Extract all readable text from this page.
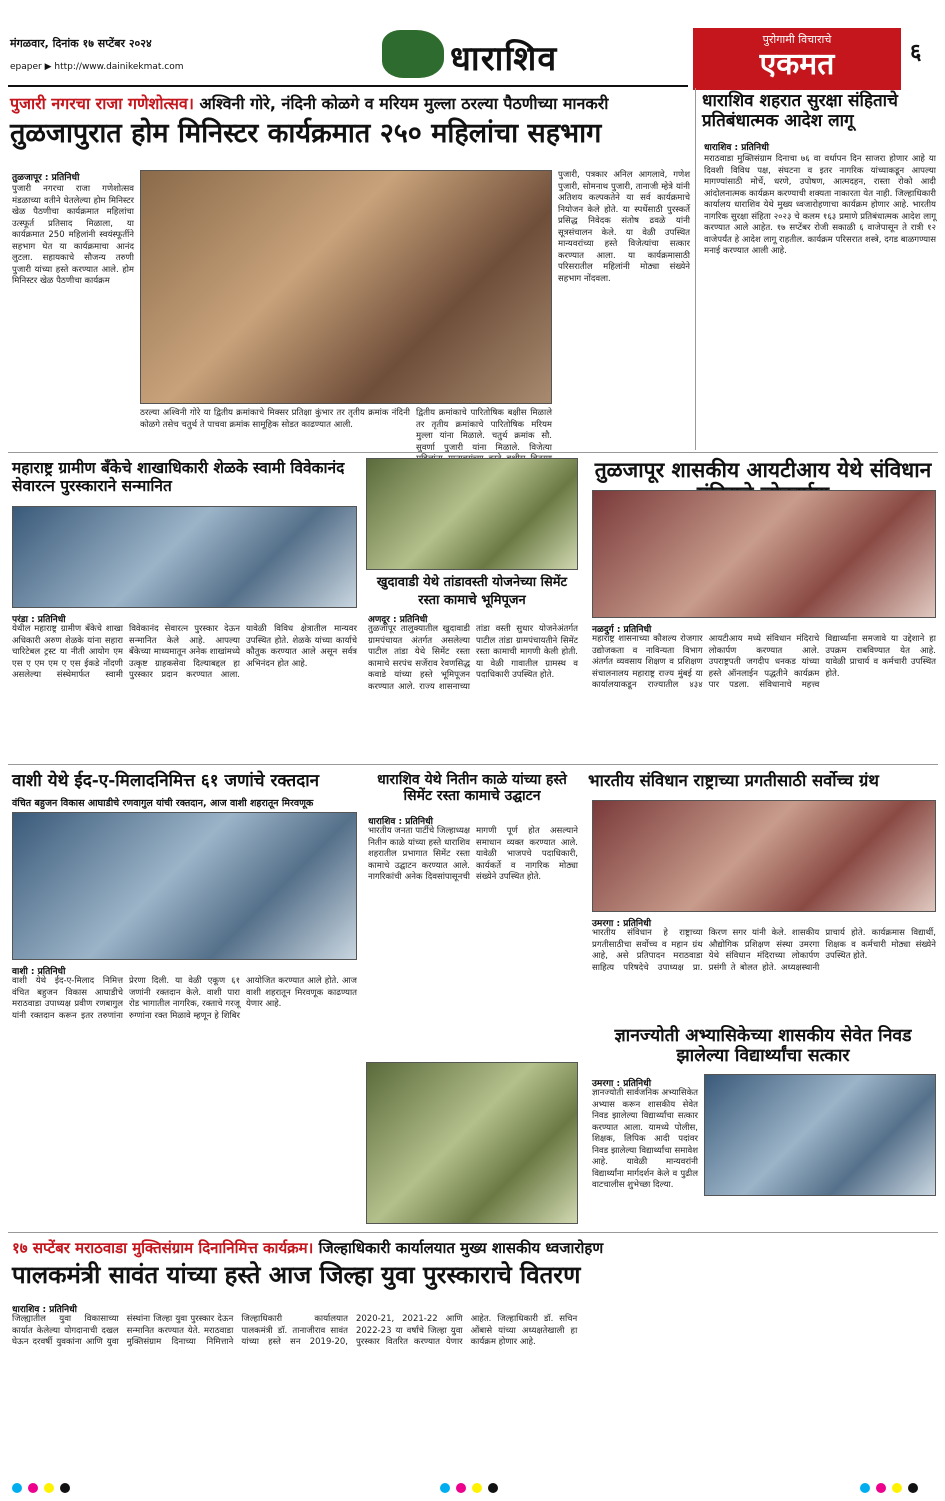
मंगळवार, दिनांक १७ सप्टेंबर २०२४
epaper ▶ http://www.dainikekmat.com	धाराशिव	पुरोगामी विचाराचे
एकमत	६
पुजारी नगरचा राजा गणेशोत्सव। अश्विनी गोरे, नंदिनी कोळगे व मरियम मुल्ला ठरल्या पैठणीच्या मानकरी
तुळजापुरात होम मिनिस्टर कार्यक्रमात २५० महिलांचा सहभाग
तुळजापूर : प्रतिनिधी
पुजारी नगरचा राजा गणेशोत्सव मंडळाच्या वतीने घेतलेल्या होम मिनिस्टर खेळ पैठणीचा कार्यक्रमात महिलांचा उत्स्फूर्त प्रतिसाद मिळाला, या कार्यक्रमात 250 महिलांनी स्वयंस्फूर्तीने सहभाग घेत या कार्यक्रमाचा आनंद लुटला. सहायकाचे सौजन्य तरुणी पुजारी यांच्या हस्ते करण्यात आले. होम मिनिस्टर खेळ पैठणीचा कार्यक्रम
ठरल्या अश्विनी गोरे या द्वितीय क्रमांकाचे मिक्सर प्रतिक्षा कुंभार तर तृतीय क्रमांक नंदिनी कोळगे तसेच चतुर्थ ते पाचवा क्रमांक सामूहिक सोडत काढण्यात आली.
द्वितीय क्रमांकाचे पारितोषिक बक्षीस मिळाले तर तृतीय क्रमांकाचे पारितोषिक मरियम मुल्ला यांना मिळाले. चतुर्थ क्रमांक सौ. सुवर्णा पुजारी यांना मिळाले. विजेत्या
पुजारी, पत्रकार अनिल आगलावे, गणेश पुजारी, सोमनाथ पुजारी, तानाजी म्हेत्रे यांनी अतिशय कल्पकतेने या सर्व कार्यक्रमाचे नियोजन केले होते. या स्पर्धेसाठी पुरस्कर्ते प्रसिद्ध निवेदक संतोष ढवळे यांनी सूत्रसंचालन केले. या वेळी उपस्थित मान्यवरांच्या हस्ते विजेत्यांचा सत्कार करण्यात आला. या कार्यक्रमासाठी परिसरातील महिलांनी मोठ्या संख्येने सहभाग नोंदवला.
धाराशिव शहरात सुरक्षा संहिताचे प्रतिबंधात्मक आदेश लागू
धाराशिव : प्रतिनिधी
मराठवाडा मुक्तिसंग्राम दिनाचा ७६ वा वर्धापन दिन साजरा होणार आहे या दिवशी विविध पक्ष, संघटना व इतर नागरिक यांच्याकडून आपल्या मागण्यांसाठी मोर्चे, धरणे, उपोषण, आत्मदहन, रास्ता रोको आदी आंदोलनात्मक कार्यक्रम करण्याची शक्यता नाकारता येत नाही. जिल्हाधिकारी कार्यालय धाराशिव येथे मुख्य ध्वजारोहणाचा कार्यक्रम होणार आहे. भारतीय नागरिक सुरक्षा संहिता २०२३ चे कलम १६३ प्रमाणे प्रतिबंधात्मक आदेश लागू करण्यात आले आहेत. १७ सप्टेंबर रोजी सकाळी ६ वाजेपासून ते रात्री १२ वाजेपर्यंत हे आदेश लागू राहतील. कार्यक्रम परिसरात शस्त्रे, दगड बाळगण्यास मनाई करण्यात आली आहे.
महाराष्ट्र ग्रामीण बँकेचे शाखाधिकारी शेळके स्वामी विवेकानंद सेवारत्न पुरस्काराने सन्मानित
परंडा : प्रतिनिधी
येथील महाराष्ट्र ग्रामीण बँकेचे शाखा अधिकारी अरुण शेळके यांना सहारा चारिटेबल ट्रस्ट या नीती आयोग एम एस ए एम एम ए एस ईकडे नोंदणी असलेल्या संस्थेमार्फत स्वामी विवेकानंद सेवारत्न पुरस्कार देऊन सन्मानित केले आहे. आपल्या बँकेच्या माध्यमातून अनेक शाखांमध्ये उत्कृष्ट ग्राहकसेवा दिल्याबद्दल हा पुरस्कार प्रदान करण्यात आला. यावेळी विविध क्षेत्रातील मान्यवर उपस्थित होते. शेळके यांच्या कार्याचे कौतुक करण्यात आले असून सर्वत्र अभिनंदन होत आहे.
खुदावाडी येथे तांडावस्ती योजनेच्या सिमेंट रस्ता कामाचे भूमिपूजन
अणदूर : प्रतिनिधी
तुळजापूर तालुक्यातील खुदावाडी ग्रामपंचायत अंतर्गत असलेल्या पाटील तांडा येथे सिमेंट रस्ता कामाचे सरपंच सर्जेराव रेवणसिद्ध कवाडे यांच्या हस्ते भूमिपूजन करण्यात आले. राज्य शासनाच्या तांडा वस्ती सुधार योजनेअंतर्गत पाटील तांडा ग्रामपंचायतीने सिमेंट रस्ता कामाची मागणी केली होती. या वेळी गावातील ग्रामस्थ व पदाधिकारी उपस्थित होते.
तुळजापूर शासकीय आयटीआय येथे संविधान
नळदुर्ग : प्रतिनिधी
महाराष्ट्र शासनाच्या कौशल्य रोजगार उद्योजकता व नाविन्यता विभाग अंतर्गत व्यवसाय शिक्षण व प्रशिक्षण संचालनालय महाराष्ट्र राज्य मुंबई या कार्यालयाकडून राज्यातील ४३४ आयटीआय मध्ये संविधान मंदिराचे लोकार्पण करण्यात आले. उपराष्ट्रपती जगदीप धनकड यांच्या हस्ते ऑनलाईन पद्धतीने कार्यक्रम पार पडला. संविधानाचे महत्त्व विद्यार्थ्यांना समजावे या उद्देशाने हा उपक्रम राबविण्यात येत आहे. यावेळी प्राचार्य व कर्मचारी उपस्थित होते.
वाशी येथे ईद-ए-मिलादनिमित्त ६१ जणांचे रक्तदान
वंचित बहुजन विकास आघाडीचे रणवागुल यांची रक्तदान, आज वाशी शहरातून मिरवणूक
वाशी : प्रतिनिधी
वाशी येथे ईद-ए-मिलाद निमित्त वंचित बहुजन विकास आघाडीचे मराठवाडा उपाध्यक्ष प्रवीण रणबागुल यांनी रक्तदान करून इतर तरुणांना प्रेरणा दिली. या वेळी एकूण ६१ जणांनी रक्तदान केले. वाशी पारा रोड भागातील नागरिक, रक्ताचे गरजू रुग्णांना रक्त मिळावे म्हणून हे शिबिर आयोजित करण्यात आले होते. आज वाशी शहरातून मिरवणूक काढण्यात येणार आहे.
धाराशिव येथे नितीन काळे यांच्या हस्ते सिमेंट रस्ता कामाचे उद्घाटन
धाराशिव : प्रतिनिधी
भारतीय जनता पार्टीचे जिल्हाध्यक्ष नितीन काळे यांच्या हस्ते धाराशिव शहरातील प्रभागात सिमेंट रस्ता कामाचे उद्घाटन करण्यात आले. नागरिकांची अनेक दिवसांपासूनची मागणी पूर्ण होत असल्याने समाधान व्यक्त करण्यात आले. यावेळी भाजपचे पदाधिकारी, कार्यकर्ते व नागरिक मोठ्या संख्येने उपस्थित होते.
भारतीय संविधान राष्ट्राच्या प्रगतीसाठी सर्वोच्च ग्रंथ
उमरगा : प्रतिनिधी
भारतीय संविधान हे राष्ट्राच्या प्रगतीसाठीचा सर्वोच्च व महान ग्रंथ आहे, असे प्रतिपादन मराठवाडा साहित्य परिषदेचे उपाध्यक्ष प्रा. किरण सगर यांनी केले. शासकीय औद्योगिक प्रशिक्षण संस्था उमरगा येथे संविधान मंदिराच्या लोकार्पण प्रसंगी ते बोलत होते. अध्यक्षस्थानी प्राचार्य होते. कार्यक्रमास विद्यार्थी, शिक्षक व कर्मचारी मोठ्या संख्येने उपस्थित होते.
ज्ञानज्योती अभ्यासिकेच्या शासकीय सेवेत निवड झालेल्या विद्यार्थ्यांचा सत्कार
उमरगा : प्रतिनिधी
ज्ञानज्योती सार्वजनिक अभ्यासिकेत अभ्यास करून शासकीय सेवेत निवड झालेल्या विद्यार्थ्यांचा सत्कार करण्यात आला. यामध्ये पोलीस, शिक्षक, लिपिक आदी पदांवर निवड झालेल्या विद्यार्थ्यांचा समावेश आहे. यावेळी मान्यवरांनी विद्यार्थ्यांना मार्गदर्शन केले व पुढील वाटचालीस शुभेच्छा दिल्या.
१७ सप्टेंबर मराठवाडा मुक्तिसंग्राम दिनानिमित्त कार्यक्रम। जिल्हाधिकारी कार्यालयात मुख्य शासकीय ध्वजारोहण
पालकमंत्री सावंत यांच्या हस्ते आज जिल्हा युवा पुरस्काराचे वितरण
धाराशिव : प्रतिनिधी
जिल्ह्यातील युवा विकासाच्या कार्यात केलेल्या योगदानाची दखल घेऊन दरवर्षी युवकांना आणि युवा संस्थांना जिल्हा युवा पुरस्कार देऊन सन्मानित करण्यात येते. मराठवाडा मुक्तिसंग्राम दिनाच्या निमित्ताने जिल्हाधिकारी कार्यालयात पालकमंत्री डॉ. तानाजीराव सावंत यांच्या हस्ते सन 2019-20, 2020-21, 2021-22 आणि 2022-23 या वर्षांचे जिल्हा युवा पुरस्कार वितरित करण्यात येणार आहेत. जिल्हाधिकारी डॉ. सचिन ओंबासे यांच्या अध्यक्षतेखाली हा कार्यक्रम होणार आहे.
